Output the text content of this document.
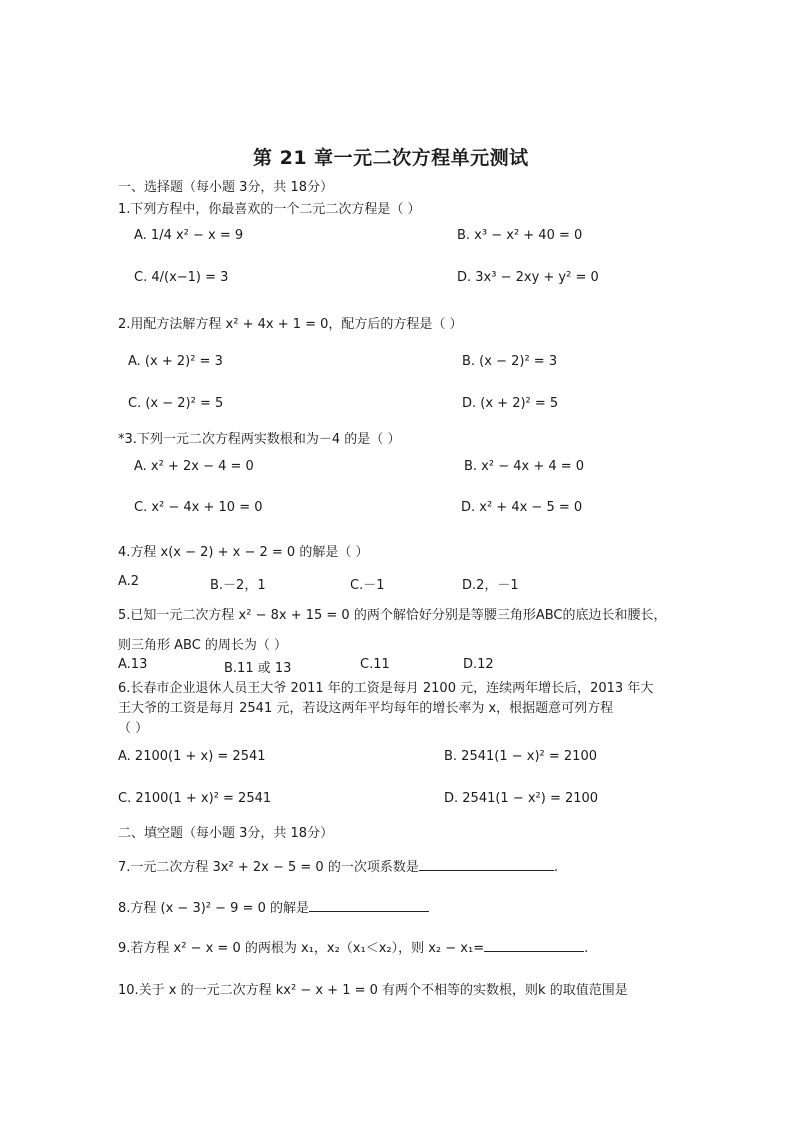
第 21 章一元二次方程单元测试
一、选择题（每小题 3分，共 18分）
1.下列方程中，你最喜欢的一个二元二次方程是（ ）
A. 1/4 x² − x = 9	B. x³ − x² + 40 = 0
C. 4/(x−1) = 3	D. 3x³ − 2xy + y² = 0
2.用配方法解方程 x² + 4x + 1 = 0，配方后的方程是（ ）
A. (x + 2)² = 3	B. (x − 2)² = 3
C. (x − 2)² = 5	D. (x + 2)² = 5
*3.下列一元二次方程两实数根和为－4 的是（ ）
A. x² + 2x − 4 = 0	B. x² − 4x + 4 = 0
C. x² − 4x + 10 = 0	D. x² + 4x − 5 = 0
4.方程 x(x − 2) + x − 2 = 0 的解是（ ）
A.2	B.－2，1	C.－1	D.2，－1
5.已知一元二次方程 x² − 8x + 15 = 0 的两个解恰好分别是等腰三角形ABC的底边长和腰长，
则三角形 ABC 的周长为（ ）
A.13	B.11 或 13	C.11	D.12
6.长春市企业退休人员王大爷 2011 年的工资是每月 2100 元，连续两年增长后，2013 年大
王大爷的工资是每月 2541 元，若设这两年平均每年的增长率为 x，根据题意可列方程
（ ）
A. 2100(1 + x) = 2541	B. 2541(1 − x)² = 2100
C. 2100(1 + x)² = 2541	D. 2541(1 − x²) = 2100
二、填空题（每小题 3分，共 18分）
7.一元二次方程 3x² + 2x − 5 = 0 的一次项系数是	.
8.方程 (x − 3)² − 9 = 0 的解是
9.若方程 x² − x = 0 的两根为 x₁，x₂（x₁＜x₂），则 x₂ − x₁=	.
10.关于 x 的一元二次方程 kx² − x + 1 = 0 有两个不相等的实数根，则k 的取值范围是
